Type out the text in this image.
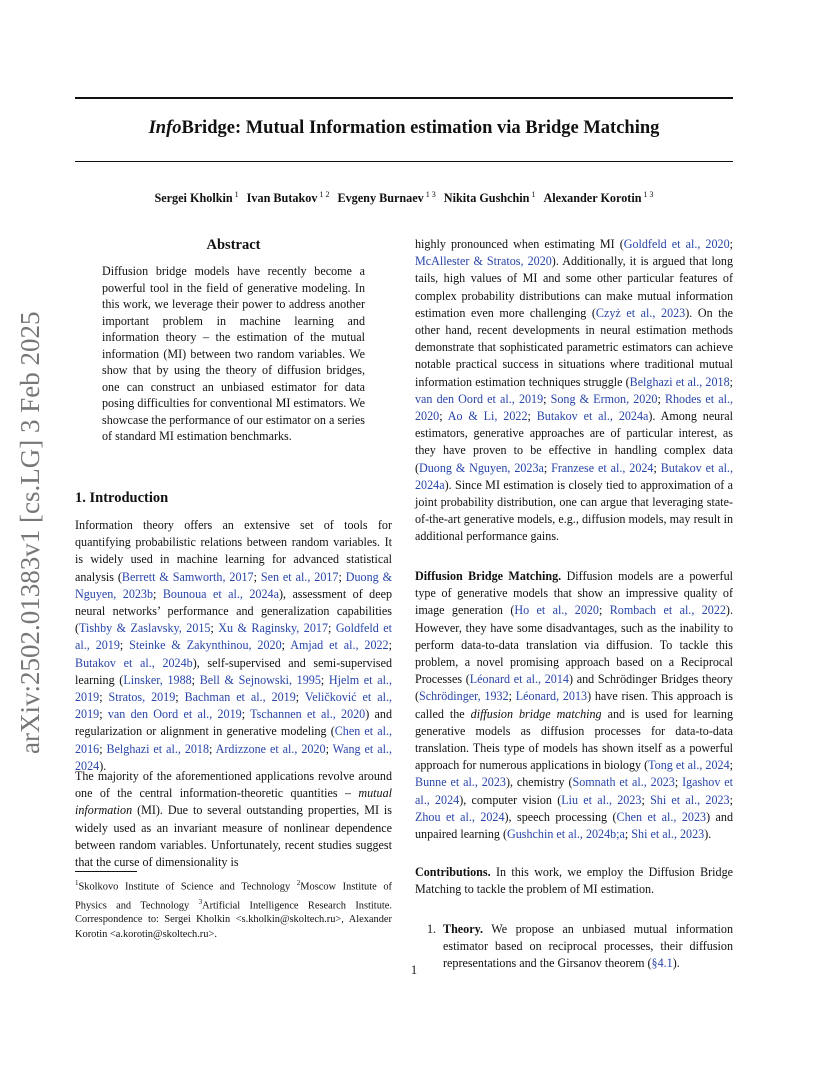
InfoBridge: Mutual Information estimation via Bridge Matching
Sergei Kholkin $^1$ Ivan Butakov $^{1 2}$ Evgeny Burnaev $^{1 3}$ Nikita Gushchin $^1$ Alexander Korotin $^{1 3}$
arXiv:2502.01383v1 [cs.LG] 3 Feb 2025
Abstract

Diffusion bridge models have recently become a powerful tool in the field of generative modeling. In this work, we leverage their power to address another important problem in machine learning and information theory – the estimation of the mutual information (MI) between two random variables. We show that by using the theory of diffusion bridges, one can construct an unbiased estimator for data posing difficulties for conventional MI estimators. We showcase the performance of our estimator on a series of standard MI estimation benchmarks.

1. Introduction

Information theory offers an extensive set of tools for quantifying probabilistic relations between random variables. It is widely used in machine learning for advanced statistical analysis (Berrett & Samworth, 2017; Sen et al., 2017; Duong & Nguyen, 2023b; Bounoua et al., 2024a), assessment of deep neural networks’ performance and generalization capabilities (Tishby & Zaslavsky, 2015; Xu & Raginsky, 2017; Goldfeld et al., 2019; Steinke & Zakynthinou, 2020; Amjad et al., 2022; Butakov et al., 2024b), self-supervised and semi-supervised learning (Linsker, 1988; Bell & Sejnowski, 1995; Hjelm et al., 2019; Stratos, 2019; Bachman et al., 2019; Veličković et al., 2019; van den Oord et al., 2019; Tschannen et al., 2020) and regularization or alignment in generative modeling (Chen et al., 2016; Belghazi et al., 2018; Ardizzone et al., 2020; Wang et al., 2024).

The majority of the aforementioned applications revolve around one of the central information-theoretic quantities – mutual information (MI). Due to several outstanding properties, MI is widely used as an invariant measure of nonlinear dependence between random variables. Unfortunately, recent studies suggest that the curse of dimensionality is

$^1$Skolkovo Institute of Science and Technology $^2$Moscow Institute of Physics and Technology $^3$Artificial Intelligence Research Institute. Correspondence to: Sergei Kholkin <s.kholkin@skoltech.ru>, Alexander Korotin <a.korotin@skoltech.ru>.

highly pronounced when estimating MI (Goldfeld et al., 2020; McAllester & Stratos, 2020). Additionally, it is argued that long tails, high values of MI and some other particular features of complex probability distributions can make mutual information estimation even more challenging (Czyż et al., 2023). On the other hand, recent developments in neural estimation methods demonstrate that sophisticated parametric estimators can achieve notable practical success in situations where traditional mutual information estimation techniques struggle (Belghazi et al., 2018; van den Oord et al., 2019; Song & Ermon, 2020; Rhodes et al., 2020; Ao & Li, 2022; Butakov et al., 2024a). Among neural estimators, generative approaches are of particular interest, as they have proven to be effective in handling complex data (Duong & Nguyen, 2023a; Franzese et al., 2024; Butakov et al., 2024a). Since MI estimation is closely tied to approximation of a joint probability distribution, one can argue that leveraging state-of-the-art generative models, e.g., diffusion models, may result in additional performance gains.

Diffusion Bridge Matching. Diffusion models are a powerful type of generative models that show an impressive quality of image generation (Ho et al., 2020; Rombach et al., 2022). However, they have some disadvantages, such as the inability to perform data-to-data translation via diffusion. To tackle this problem, a novel promising approach based on a Reciprocal Processes (Léonard et al., 2014) and Schrödinger Bridges theory (Schrödinger, 1932; Léonard, 2013) have risen. This approach is called the diffusion bridge matching and is used for learning generative models as diffusion processes for data-to-data translation. Theis type of models has shown itself as a powerful approach for numerous applications in biology (Tong et al., 2024; Bunne et al., 2023), chemistry (Somnath et al., 2023; Igashov et al., 2024), computer vision (Liu et al., 2023; Shi et al., 2023; Zhou et al., 2024), speech processing (Chen et al., 2023) and unpaired learning (Gushchin et al., 2024b;a; Shi et al., 2023).

Contributions. In this work, we employ the Diffusion Bridge Matching to tackle the problem of MI estimation.

1. Theory. We propose an unbiased mutual information estimator based on reciprocal processes, their diffusion representations and the Girsanov theorem (§4.1).
1
